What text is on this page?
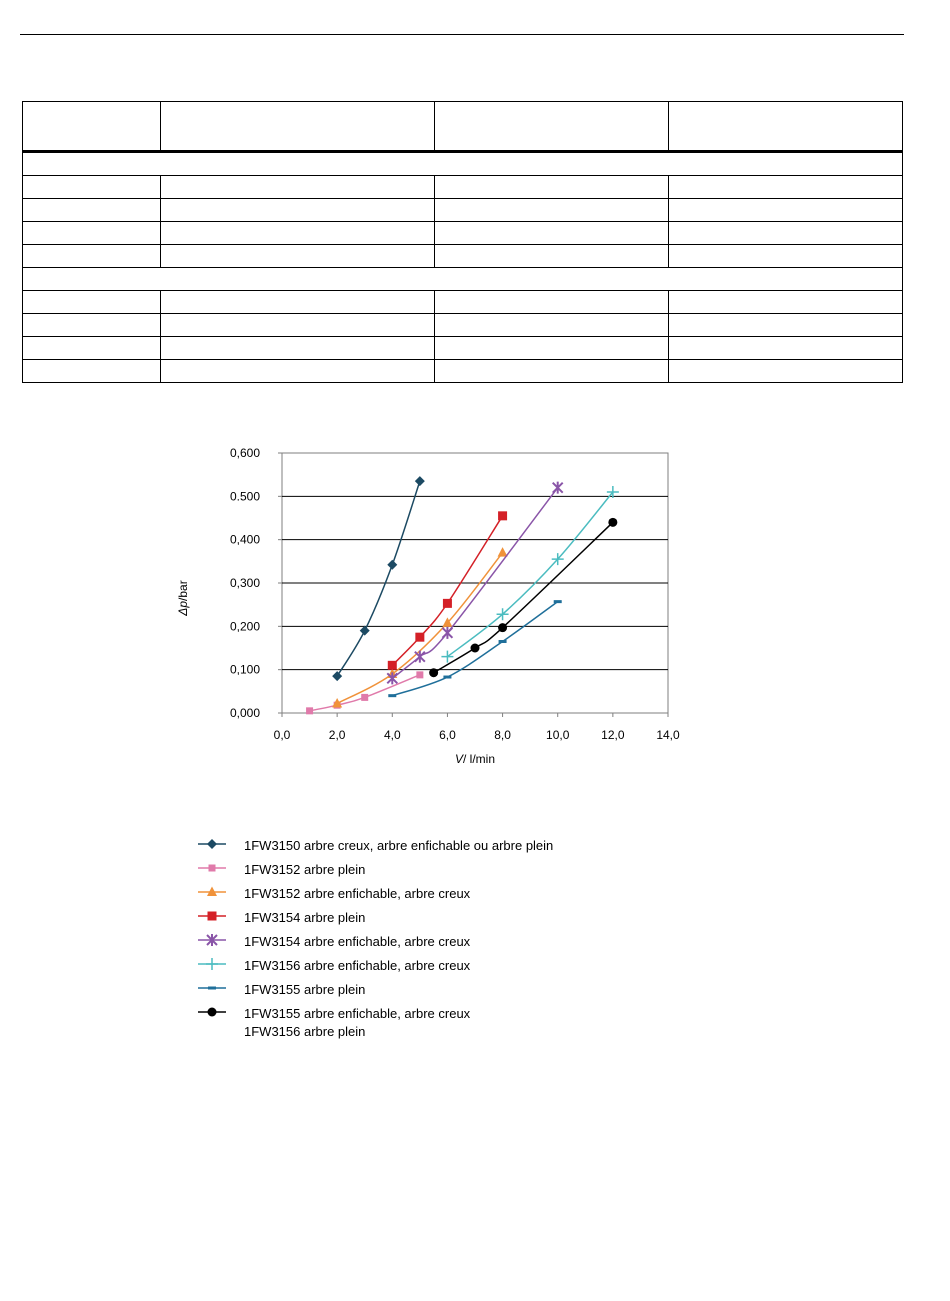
0,000
0,100
0,200
0,300
0,400
0.500
0,600
0,0	2,0	4,0	6,0	8,0	10,0	12,0	14,0
V/ l/min
Δp/bar
1FW3150 arbre creux, arbre enfichable ou arbre plein
1FW3152 arbre plein
1FW3152 arbre enfichable, arbre creux
1FW3154 arbre plein
1FW3154 arbre enfichable, arbre creux
1FW3156 arbre enfichable, arbre creux
1FW3155 arbre plein
1FW3155 arbre enfichable, arbre creux
1FW3156 arbre plein
